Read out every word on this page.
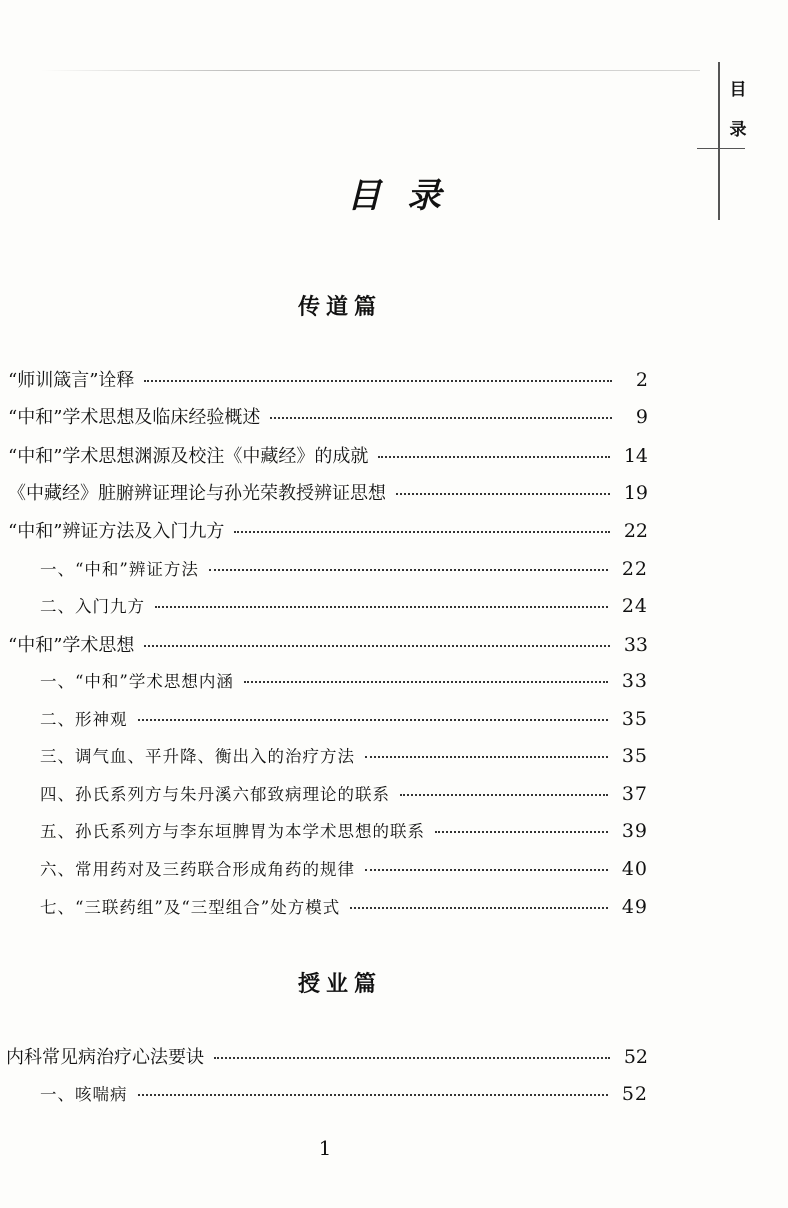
目
录
目录
传道篇
“师训箴言”诠释	2
“中和”学术思想及临床经验概述	9
“中和”学术思想渊源及校注《中藏经》的成就	14
《中藏经》脏腑辨证理论与孙光荣教授辨证思想	19
“中和”辨证方法及入门九方	22
一、“中和”辨证方法	22
二、入门九方	24
“中和”学术思想	33
一、“中和”学术思想内涵	33
二、形神观	35
三、调气血、平升降、衡出入的治疗方法	35
四、孙氏系列方与朱丹溪六郁致病理论的联系	37
五、孙氏系列方与李东垣脾胃为本学术思想的联系	39
六、常用药对及三药联合形成角药的规律	40
七、“三联药组”及“三型组合”处方模式	49
授业篇
内科常见病治疗心法要诀	52
一、咳喘病	52
1
